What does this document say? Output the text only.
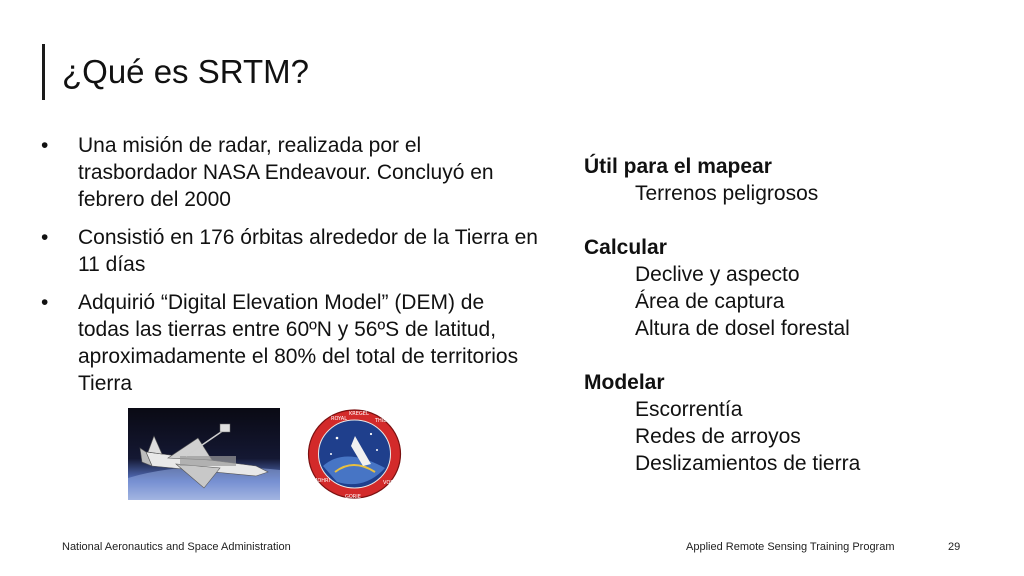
¿Qué es SRTM?
• Una misión de radar, realizada por el trasbordador NASA Endeavour. Concluyó en febrero del 2000
• Consistió en 176 órbitas alrededor de la Tierra en 11 días
• Adquirió “Digital Elevation Model” (DEM) de todas las tierras entre 60ºN y 56ºS de latitud, aproximadamente el 80% del total de territorios Tierra
Útil para el mapear
Terrenos peligrosos
Calcular
Declive y aspecto
Área de captura
Altura de dosel forestal
Modelar
Escorrentía
Redes de arroyos
Deslizamientos de tierra
ROYAL
KREGEL
THIELE
VOSS
GORIE
MOHRI
National Aeronautics and Space Administration	Applied Remote Sensing Training Program	29
